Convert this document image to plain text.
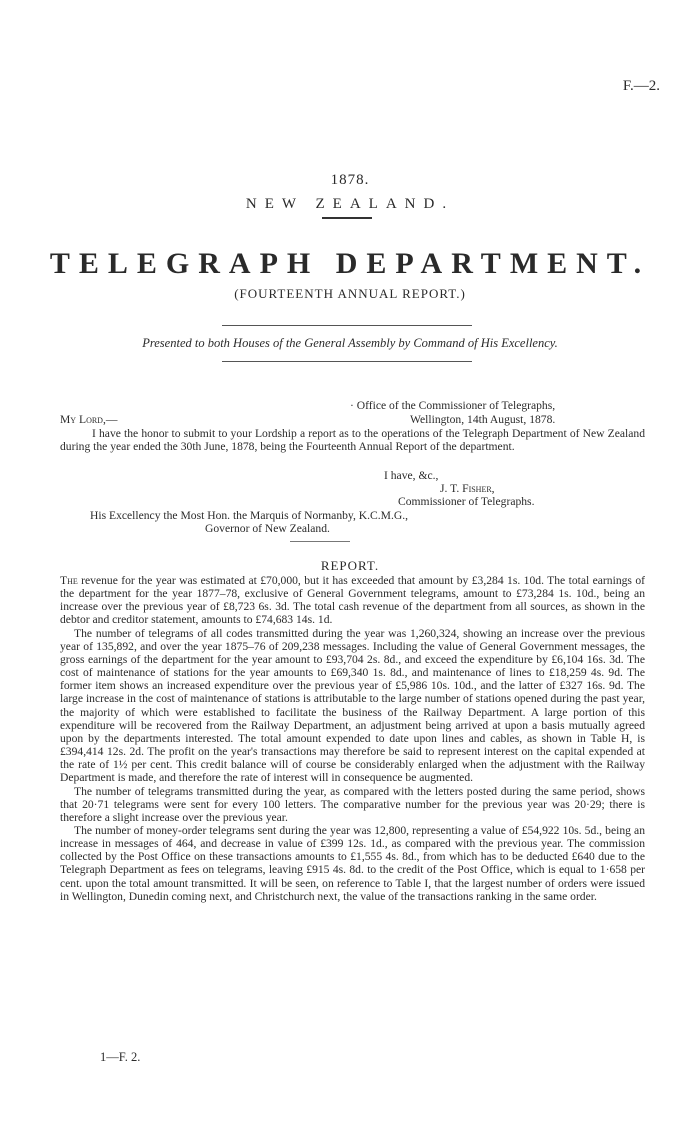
F.—2.
1878.
NEW ZEALAND.
TELEGRAPH DEPARTMENT.
(FOURTEENTH ANNUAL REPORT.)
Presented to both Houses of the General Assembly by Command of His Excellency.
· Office of the Commissioner of Telegraphs,
My Lord,—	Wellington, 14th August, 1878.
I have the honor to submit to your Lordship a report as to the operations of the Telegraph Department of New Zealand during the year ended the 30th June, 1878, being the Fourteenth Annual Report of the department.
I have, &c.,
J. T. Fisher,
Commissioner of Telegraphs.
His Excellency the Most Hon. the Marquis of Normanby, K.C.M.G.,
Governor of New Zealand.
REPORT.

The revenue for the year was estimated at £70,000, but it has exceeded that amount by £3,284 1s. 10d. The total earnings of the department for the year 1877–78, exclusive of General Government telegrams, amount to £73,284 1s. 10d., being an increase over the previous year of £8,723 6s. 3d. The total cash revenue of the department from all sources, as shown in the debtor and creditor statement, amounts to £74,683 14s. 1d.

The number of telegrams of all codes transmitted during the year was 1,260,324, showing an increase over the previous year of 135,892, and over the year 1875–76 of 209,238 messages. Including the value of General Government messages, the gross earnings of the department for the year amount to £93,704 2s. 8d., and exceed the expenditure by £6,104 16s. 3d. The cost of maintenance of stations for the year amounts to £69,340 1s. 8d., and maintenance of lines to £18,259 4s. 9d. The former item shows an increased expenditure over the previous year of £5,986 10s. 10d., and the latter of £327 16s. 9d. The large increase in the cost of maintenance of stations is attributable to the large number of stations opened during the past year, the majority of which were established to facilitate the business of the Railway Department. A large portion of this expenditure will be recovered from the Railway Department, an adjustment being arrived at upon a basis mutually agreed upon by the departments interested. The total amount expended to date upon lines and cables, as shown in Table H, is £394,414 12s. 2d. The profit on the year's transactions may therefore be said to represent interest on the capital expended at the rate of 1½ per cent. This credit balance will of course be considerably enlarged when the adjustment with the Railway Department is made, and therefore the rate of interest will in consequence be augmented.

The number of telegrams transmitted during the year, as compared with the letters posted during the same period, shows that 20·71 telegrams were sent for every 100 letters. The comparative number for the previous year was 20·29; there is therefore a slight increase over the previous year.

The number of money-order telegrams sent during the year was 12,800, representing a value of £54,922 10s. 5d., being an increase in messages of 464, and decrease in value of £399 12s. 1d., as compared with the previous year. The commission collected by the Post Office on these transactions amounts to £1,555 4s. 8d., from which has to be deducted £640 due to the Telegraph Department as fees on telegrams, leaving £915 4s. 8d. to the credit of the Post Office, which is equal to 1·658 per cent. upon the total amount transmitted. It will be seen, on reference to Table I, that the largest number of orders were issued in Wellington, Dunedin coming next, and Christchurch next, the value of the transactions ranking in the same order.

1—F. 2.
